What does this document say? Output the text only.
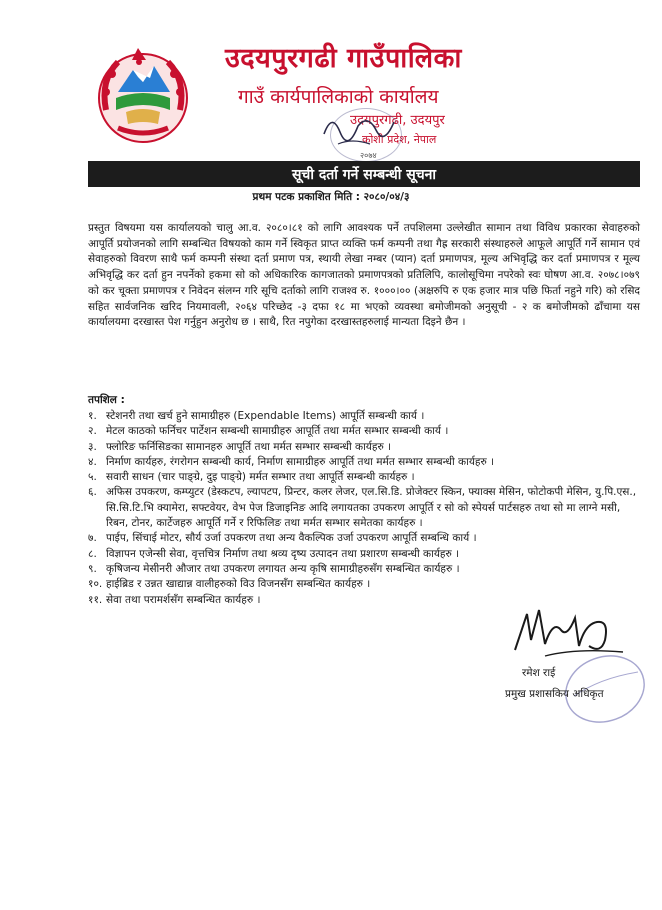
उदयपुरगढी गाउँपालिका
गाउँ कार्यपालिकाको कार्यालय
उदयपुरगढी, उदयपुर
कोशी प्रदेश, नेपाल
२०७४
सूची दर्ता गर्ने सम्बन्धी सूचना
प्रथम पटक प्रकाशित मिति : २०८०/०४/३
प्रस्तुत विषयमा यस कार्यालयको चालु आ.व. २०८०।८१ को लागि आवश्यक पर्ने तपशिलमा उल्लेखीत सामान तथा विविध प्रकारका सेवाहरुको आपूर्ति प्रयोजनको लागि सम्बन्धित विषयको काम गर्ने स्विकृत प्राप्त व्यक्ति फर्म कम्पनी तथा गैह्र सरकारी संस्थाहरुले आफूले आपूर्ति गर्ने सामान एवं सेवाहरुको विवरण साथै फर्म कम्पनी संस्था दर्ता प्रमाण पत्र, स्थायी लेखा नम्बर (प्यान) दर्ता प्रमाणपत्र, मूल्य अभिवृद्धि कर दर्ता प्रमाणपत्र र मूल्य अभिवृद्धि कर दर्ता हुन नपर्नेको हकमा सो को अधिकारिक कागजातको प्रमाणपत्रको प्रतिलिपि, कालोसूचिमा नपरेको स्वः घोषण आ.व. २०७८।०७९ को कर चूक्ता प्रमाणपत्र र निवेदन संलग्न गरि सूचि दर्ताको लागि राजश्व रु. १०००।०० (अक्षरुपि रु एक हजार मात्र पछि फिर्ता नहुने गरि) को रसिद सहित सार्वजनिक खरिद नियमावली, २०६४ परिच्छेद -३ दफा १८ मा भएको व्यवस्था बमोजीमको अनुसूची - २ क बमोजीमको ढाँचामा यस कार्यालयमा दरखास्त पेश गर्नुहुन अनुरोध छ । साथै, रित नपुगेका दरखास्तहरुलाई मान्यता दिइने छैन ।
तपशिल :
१. स्टेशनरी तथा खर्च हुने सामाग्रीहरु (Expendable Items) आपूर्ति सम्बन्धी कार्य ।
२. मेटल काठको फर्निचर पार्टेशन सम्बन्धी सामाग्रीहरु आपूर्ति तथा मर्मत सम्भार सम्बन्धी कार्य ।
३. फ्लोरिङ फर्निसिङका सामानहरु आपूर्ति तथा मर्मत सम्भार सम्बन्धी कार्यहरु ।
४. निर्माण कार्यहरु, रंगरोगन सम्बन्धी कार्य, निर्माण सामाग्रीहरु आपूर्ति तथा मर्मत सम्भार सम्बन्धी कार्यहरु ।
५. सवारी साधन (चार पाङ्ग्रे, दुइ पाङ्ग्रे) मर्मत सम्भार तथा आपूर्ति सम्बन्धी कार्यहरु ।
६. अफिस उपकरण, कम्प्युटर (डेस्कटप, ल्यापटप, प्रिन्टर, कलर लेजर, एल.सि.डि. प्रोजेक्टर स्किन, फ्याक्स मेसिन, फोटोकपी मेसिन, यु.पि.एस., सि.सि.टि.भि क्यामेरा, सफ्टवेयर, वेभ पेज डिजाइनिङ आदि लगायतका उपकरण आपूर्ति र सो को स्पेयर्स पार्टसहरु तथा सो मा लाग्ने मसी, रिबन, टोनर, कार्टेजहरु आपूर्ति गर्ने र रिफिलिङ तथा मर्मत सम्भार समेतका कार्यहरु ।
७. पाईप, सिंचाई मोटर, सौर्य उर्जा उपकरण तथा अन्य वैकल्पिक उर्जा उपकरण आपूर्ति सम्बन्धि कार्य ।
८. विज्ञापन एजेन्सी सेवा, वृत्तचित्र निर्माण तथा श्रव्य दृष्य उत्पादन तथा प्रशारण सम्बन्धी कार्यहरु ।
९. कृषिजन्य मेसीनरी औजार तथा उपकरण लगायत अन्य कृषि सामाग्रीहरुसँग सम्बन्धित कार्यहरु ।
१०. हाईब्रिड र उन्नत खाद्यान्न वालीहरुको विउ विजनसँग सम्बन्धित कार्यहरु ।
११. सेवा तथा परामर्शसँग सम्बन्धित कार्यहरु ।
रमेश राई
प्रमुख प्रशासकिय अधिकृत
